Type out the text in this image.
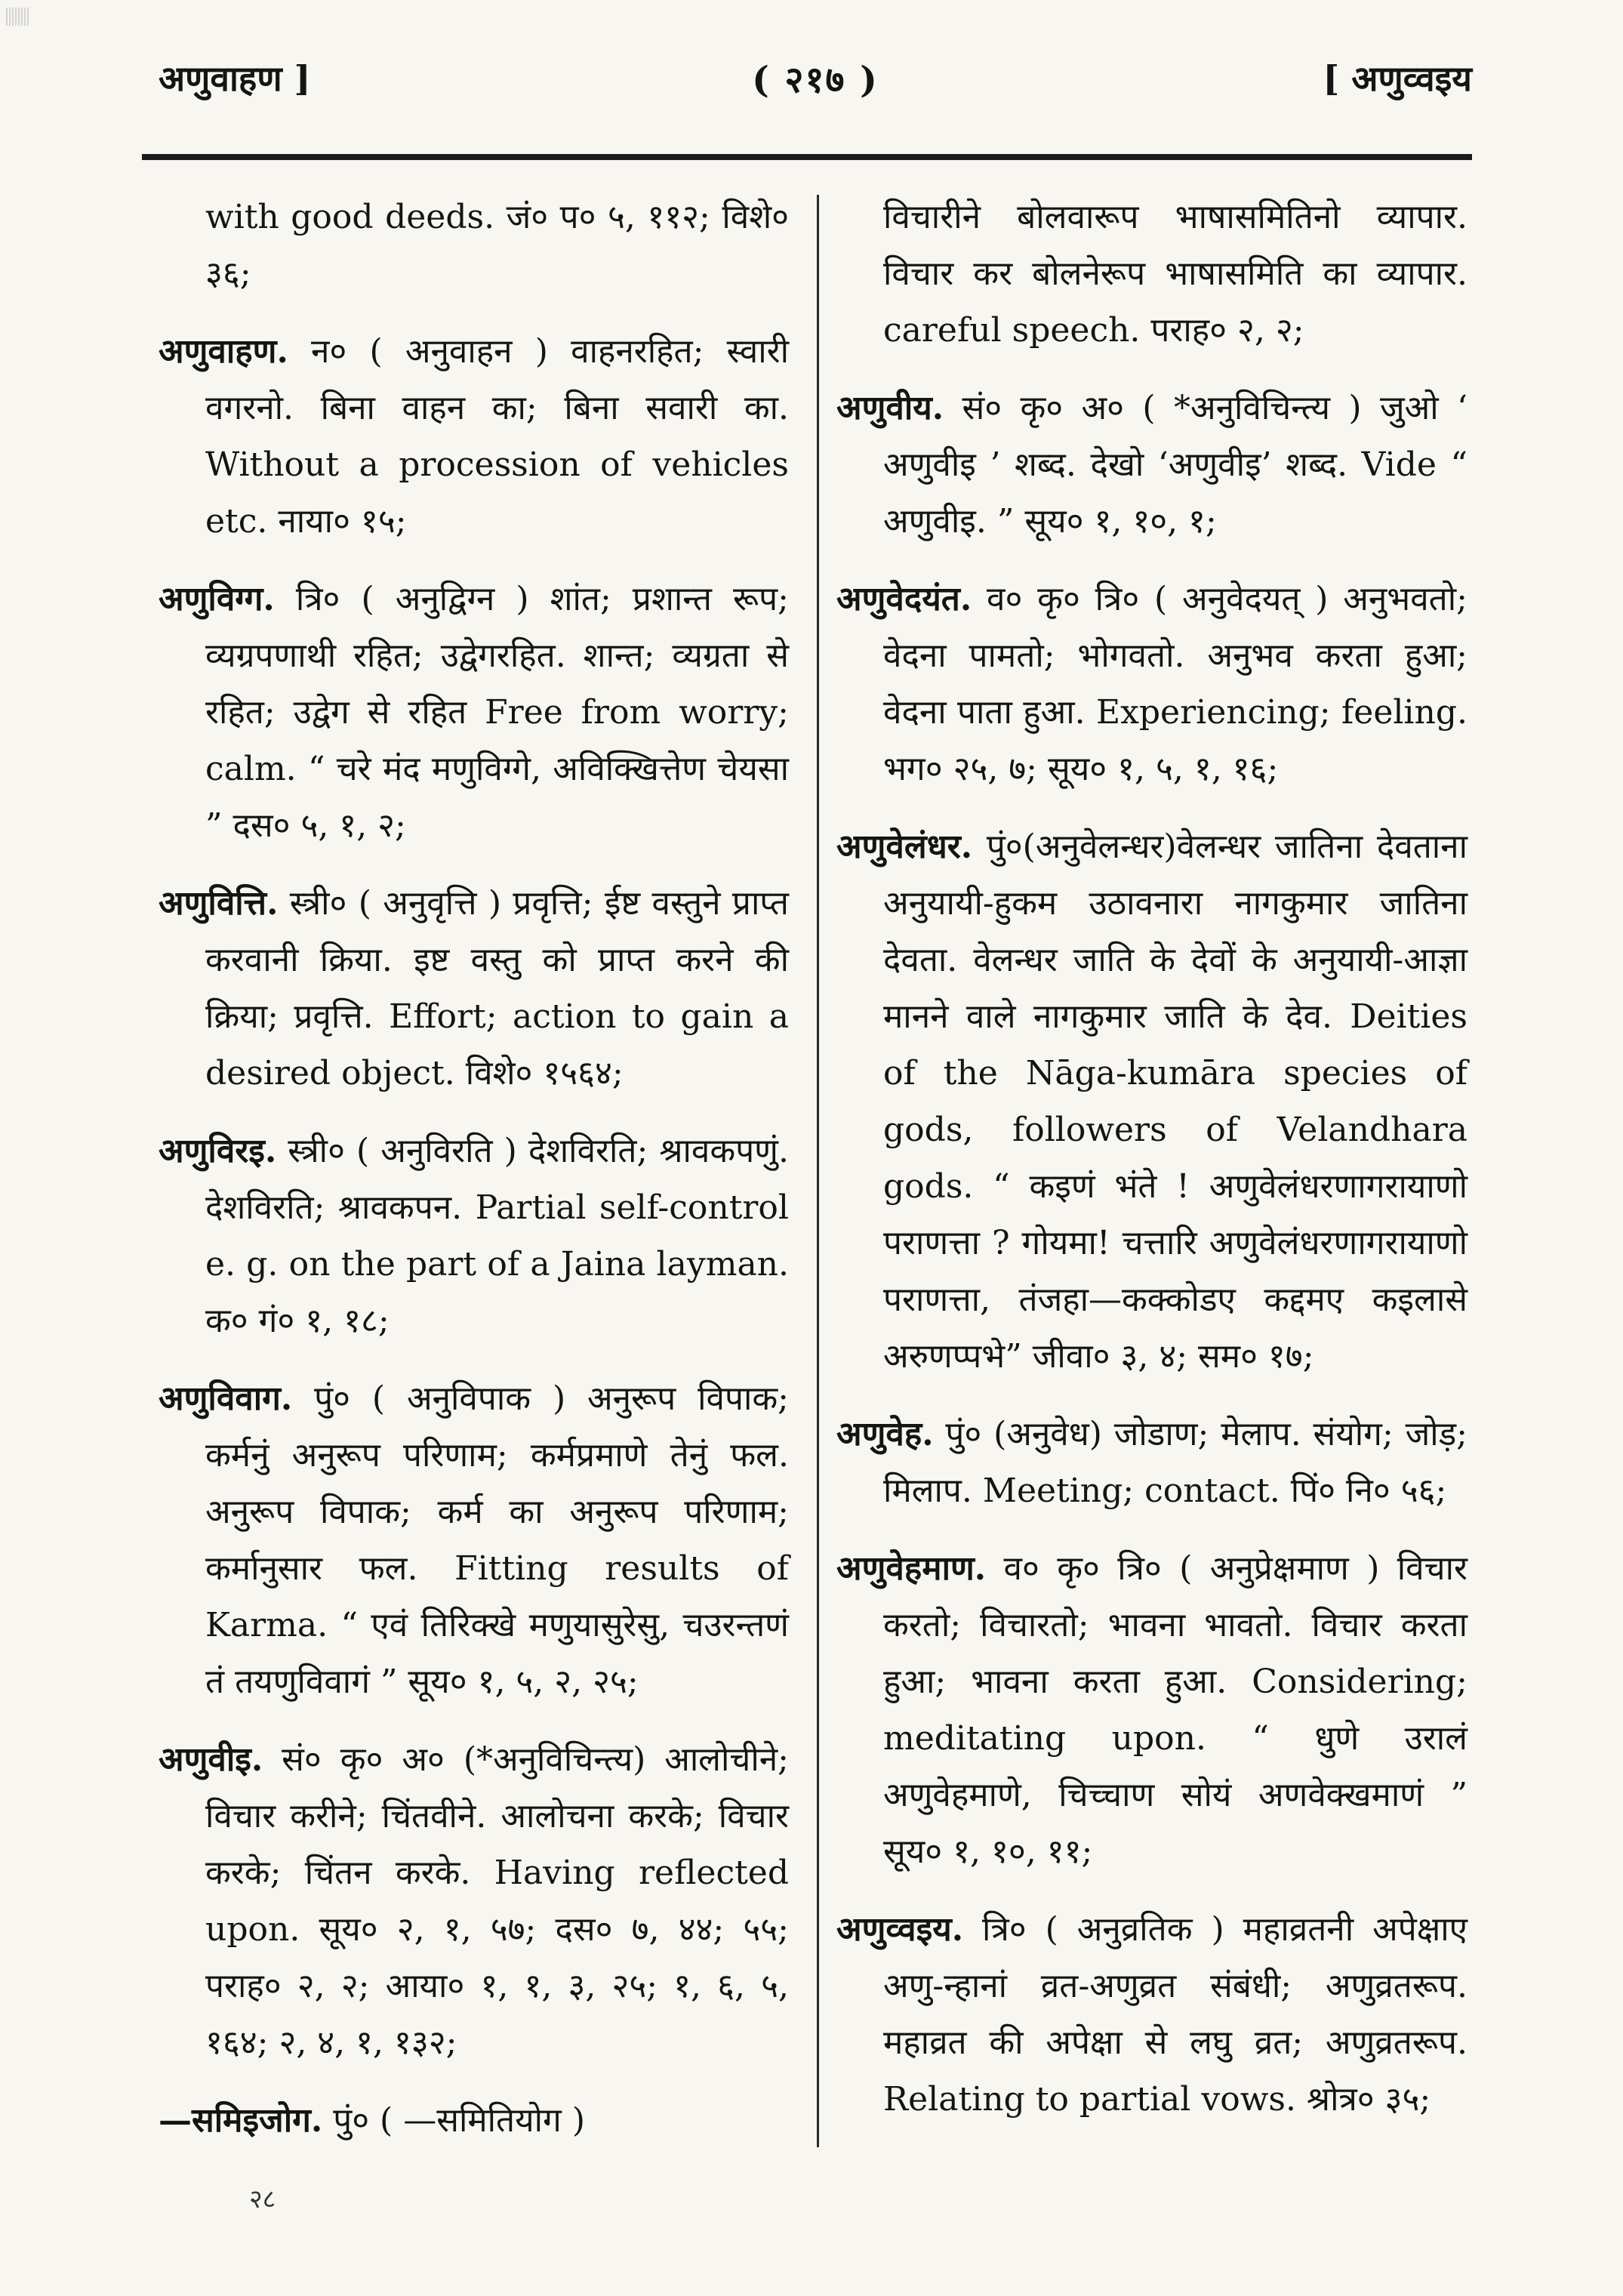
अणुवाहण ]	( २१७ )	[ अणुव्वइय

with good deeds. जं० प० ५, ११२; विशे० ३६;

अणुवाहण. न० ( अनुवाहन ) वाहनरहित; स्वारी वगरनो. बिना वाहन का; बिना सवारी का. Without a procession of vehicles etc. नाया० १५;

अणुविग्ग. त्रि० ( अनुद्विग्न ) शांत; प्रशान्त रूप; व्यग्रपणाथी रहित; उद्वेगरहित. शान्त; व्यग्रता से रहित; उद्वेग से रहित Free from worry; calm. “ चरे मंद मणुविग्गे, अविक्खित्तेण चेयसा ” दस० ५, १, २;

अणुवित्ति. स्त्री० ( अनुवृत्ति ) प्रवृत्ति; ईष्ट वस्तुने प्राप्त करवानी क्रिया. इष्ट वस्तु को प्राप्त करने की क्रिया; प्रवृत्ति. Effort; action to gain a desired object. विशे० १५६४;

अणुविरइ. स्त्री० ( अनुविरति ) देशविरति; श्रावकपणुं. देशविरति; श्रावकपन. Partial self-control e. g. on the part of a Jaina layman. क० गं० १, १८;

अणुविवाग. पुं० ( अनुविपाक ) अनुरूप विपाक; कर्मनुं अनुरूप परिणाम; कर्मप्रमाणे तेनुं फल. अनुरूप विपाक; कर्म का अनुरूप परिणाम; कर्मानुसार फल. Fitting results of Karma. “ एवं तिरिक्खे मणुयासुरेसु, चउरन्तणं तं तयणुविवागं ” सूय० १, ५, २, २५;

अणुवीइ. सं० कृ० अ० (*अनुविचिन्त्य) आलोचीने; विचार करीने; चिंतवीने. आलोचना करके; विचार करके; चिंतन करके. Having reflected upon. सूय० २, १, ५७; दस० ७, ४४; ५५; पराह० २, २; आया० १, १, ३, २५; १, ६, ५, १६४; २, ४, १, १३२;

—समिइजोग. पुं० ( —समितियोग )

विचारीने बोलवारूप भाषासमितिनो व्यापार. विचार कर बोलनेरूप भाषासमिति का व्यापार. careful speech. पराह० २, २;

अणुवीय. सं० कृ० अ० ( *अनुविचिन्त्य ) जुओ ‘ अणुवीइ ’ शब्द. देखो ‘अणुवीइ’ शब्द. Vide “ अणुवीइ. ” सूय० १, १०, १;

अणुवेदयंत. व० कृ० त्रि० ( अनुवेदयत् ) अनुभवतो; वेदना पामतो; भोगवतो. अनुभव करता हुआ; वेदना पाता हुआ. Experiencing; feeling. भग० २५, ७; सूय० १, ५, १, १६;

अणुवेलंधर. पुं०(अनुवेलन्धर)वेलन्धर जातिना देवताना अनुयायी-हुकम उठावनारा नागकुमार जातिना देवता. वेलन्धर जाति के देवों के अनुयायी-आज्ञा मानने वाले नागकुमार जाति के देव. Deities of the Nāga-kumāra species of gods, followers of Velandhara gods. “ कइणं भंते ! अणुवेलंधरणागरायाणो पराणत्ता ? गोयमा! चत्तारि अणुवेलंधरणागरायाणो पराणत्ता, तंजहा—कक्कोडए कद्दमए कइलासे अरुणप्पभे” जीवा० ३, ४; सम० १७;

अणुवेह. पुं० (अनुवेध) जोडाण; मेलाप. संयोग; जोड़; मिलाप. Meeting; contact. पिं० नि० ५६;

अणुवेहमाण. व० कृ० त्रि० ( अनुप्रेक्षमाण ) विचार करतो; विचारतो; भावना भावतो. विचार करता हुआ; भावना करता हुआ. Considering; meditating upon. “ धुणे उरालं अणुवेहमाणे, चिच्चाण सोयं अणवेक्खमाणं ” सूय० १, १०, ११;

अणुव्वइय. त्रि० ( अनुव्रतिक ) महाव्रतनी अपेक्षाए अणु-न्हानां व्रत-अणुव्रत संबंधी; अणुव्रतरूप. महाव्रत की अपेक्षा से लघु व्रत; अणुव्रतरूप. Relating to partial vows. श्रोत्र० ३५;

२८
